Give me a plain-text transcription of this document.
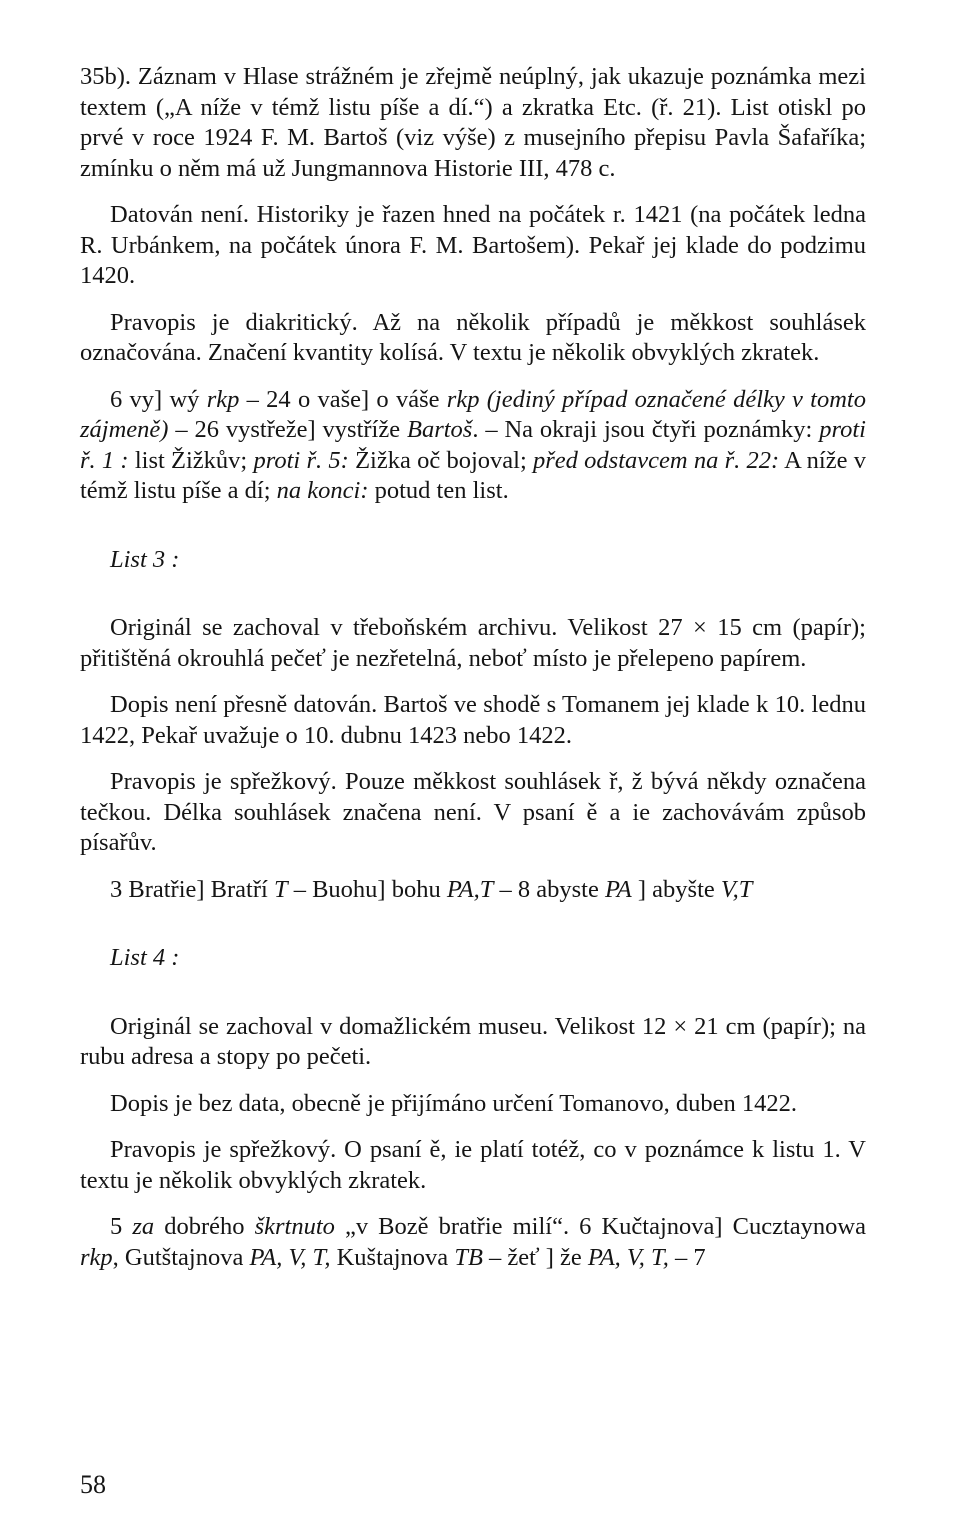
35b). Záznam v Hlase strážném je zřejmě neúplný, jak ukazuje poznámka mezi textem („A níže v témž listu píše a dí.“) a zkratka Etc. (ř. 21). List otiskl po prvé v roce 1924 F. M. Bartoš (viz výše) z musejního přepisu Pavla Šafaříka; zmínku o něm má už Jungmannova Historie III, 478 c.

Datován není. Historiky je řazen hned na počátek r. 1421 (na počátek ledna R. Urbánkem, na počátek února F. M. Bartošem). Pekař jej klade do podzimu 1420.

Pravopis je diakritický. Až na několik případů je měkkost souhlásek označována. Značení kvantity kolísá. V textu je několik obvyklých zkratek.

6 vy] wý rkp – 24 o vaše] o váše rkp (jediný případ označené délky v tomto zájmeně) – 26 vystřeže] vystříže Bartoš. – Na okraji jsou čtyři poznámky: proti ř. 1 : list Žižkův; proti ř. 5: Žižka oč bojoval; před odstavcem na ř. 22: A níže v témž listu píše a dí; na konci: potud ten list.

List 3 :

Originál se zachoval v třeboňském archivu. Velikost 27 × 15 cm (papír); přitištěná okrouhlá pečeť je nezřetelná, neboť místo je přelepeno papírem.

Dopis není přesně datován. Bartoš ve shodě s Tomanem jej klade k 10. lednu 1422, Pekař uvažuje o 10. dubnu 1423 nebo 1422.

Pravopis je spřežkový. Pouze měkkost souhlásek ř, ž bývá někdy označena tečkou. Délka souhlásek značena není. V psaní ě a ie zachovávám způsob písařův.

3 Bratřie] Bratří T – Buohu] bohu PA,T – 8 abyste PA ] abyšte V,T

List 4 :

Originál se zachoval v domažlickém museu. Velikost 12 × 21 cm (papír); na rubu adresa a stopy po pečeti.

Dopis je bez data, obecně je přijímáno určení Tomanovo, duben 1422.

Pravopis je spřežkový. O psaní ě, ie platí totéž, co v poznámce k listu 1. V textu je několik obvyklých zkratek.

5 za dobrého škrtnuto „v Bozě bratřie milí“. 6 Kučtajnova] Cucztaynowa rkp, Gutštajnova PA, V, T, Kuštajnova TB – žeť ] že PA, V, T, – 7

58
